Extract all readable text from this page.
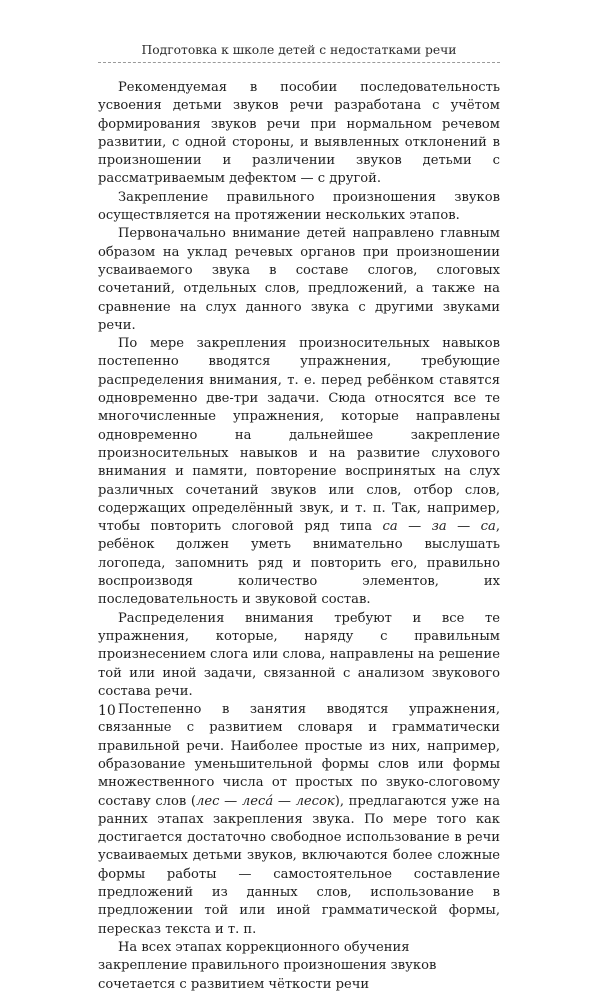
Подготовка к школе детей с недостатками речи

Рекомендуемая в пособии последовательность усвоения детьми звуков речи разработана с учётом формирования звуков речи при нормальном речевом развитии, с одной стороны, и выявленных отклонений в произношении и различении звуков детьми с рассматриваемым дефектом — с другой.

Закрепление правильного произношения звуков осуществляется на протяжении нескольких этапов.

Первоначально внимание детей направлено главным образом на уклад речевых органов при произношении усваиваемого звука в составе слогов, слоговых сочетаний, отдельных слов, предложений, а также на сравнение на слух данного звука с другими звуками речи.

По мере закрепления произносительных навыков постепенно вводятся упражнения, требующие распределения внимания, т. е. перед ребёнком ставятся одновременно две-три задачи. Сюда относятся все те многочисленные упражнения, которые направлены одновременно на дальнейшее закрепление произносительных навыков и на развитие слухового внимания и памяти, повторение воспринятых на слух различных сочетаний звуков или слов, отбор слов, содержащих определённый звук, и т. п. Так, например, чтобы повторить слоговой ряд типа са — за — са, ребёнок должен уметь внимательно выслушать логопеда, запомнить ряд и повторить его, правильно воспроизводя количество элементов, их последовательность и звуковой состав.

Распределения внимания требуют и все те упражнения, которые, наряду с правильным произнесением слога или слова, направлены на решение той или иной задачи, связанной с анализом звукового состава речи.

Постепенно в занятия вводятся упражнения, связанные с развитием словаря и грамматически правильной речи. Наиболее простые из них, например, образование уменьшительной формы слов или формы множественного числа от простых по звуко-слоговому составу слов (лес — леса́ — лесок), предлагаются уже на ранних этапах закрепления звука. По мере того как достигается достаточно свободное использование в речи усваиваемых детьми звуков, включаются более сложные формы работы — самостоятельное составление предложений из данных слов, использование в предложении той или иной грамматической формы, пересказ текста и т. п.

На всех этапах коррекционного обучения закрепление правильного произношения звуков сочетается с развитием чёткости речи

10
